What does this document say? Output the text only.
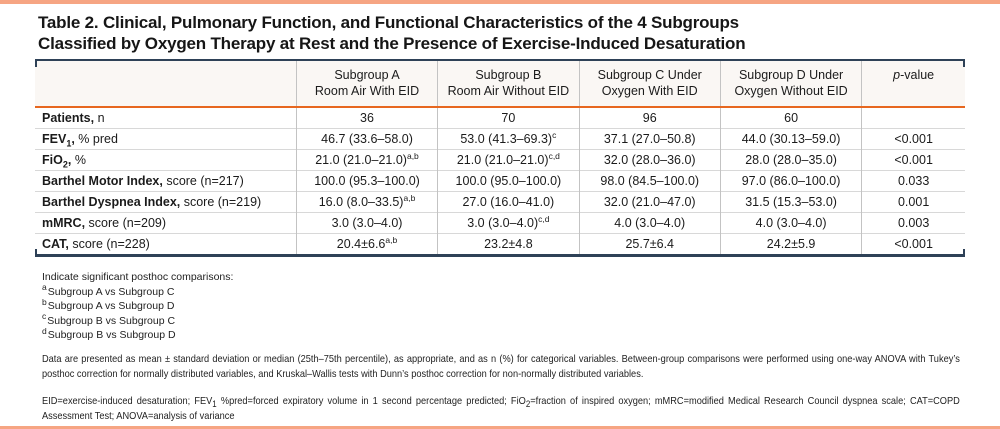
Table 2. Clinical, Pulmonary Function, and Functional Characteristics of the 4 Subgroups
Classified by Oxygen Therapy at Rest and the Presence of Exercise-Induced Desaturation

Subgroup A
Room Air With EID

Subgroup B
Room Air Without EID

Subgroup C Under
Oxygen With EID

Subgroup D Under
Oxygen Without EID

p-value

Patients, n	36	70	96	60	
$FEV_1$, % pred	46.7 (33.6–58.0)	53.0 $(41.3-69.3)^c$	37.1 (27.0–50.8)	44.0 (30.13–59.0)	<0.001
FiO$_2$, %	21.0 $(21.0-21.0)^{a,b}$	21.0 $(21.0-21.0)^{c,d}$	32.0 (28.0–36.0)	28.0 (28.0–35.0)	<0.001
Barthel Motor Index, score (n=217)	100.0 (95.3–100.0)	100.0 (95.0–100.0)	98.0 (84.5–100.0)	97.0 (86.0–100.0)	0.033
Barthel Dyspnea Index, score (n=219)	16.0 $(8.0-33.5)^{a,b}$	27.0 (16.0–41.0)	32.0 (21.0–47.0)	31.5 (15.3–53.0)	0.001
mMRC, score (n=209)	3.0 (3.0–4.0)	3.0 $(3.0-4.0)^{c,d}$	4.0 (3.0–4.0)	4.0 (3.0–4.0)	0.003
CAT, score (n=228)	$20.4\pm 6.6^{a,b}$	23.2±4.8	25.7±6.4	24.2±5.9	<0.001
Indicate significant posthoc comparisons:
$^a$Subgroup A vs Subgroup C
$^b$Subgroup A vs Subgroup D
$^c$Subgroup B vs Subgroup C
$^d$Subgroup B vs Subgroup D
Data are presented as mean ± standard deviation or median (25th–75th percentile), as appropriate, and as n (%) for categorical variables. Between-group comparisons were performed using one-way ANOVA with Tukey’s posthoc correction for normally distributed variables, and Kruskal–Wallis tests with Dunn’s posthoc correction for non-normally distributed variables.
EID=exercise-induced desaturation; $FEV_1$ %pred=forced expiratory volume in 1 second percentage predicted; FiO$_2$=fraction of inspired oxygen; mMRC=modified Medical Research Council dyspnea scale; CAT=COPD Assessment Test; ANOVA=analysis of variance
